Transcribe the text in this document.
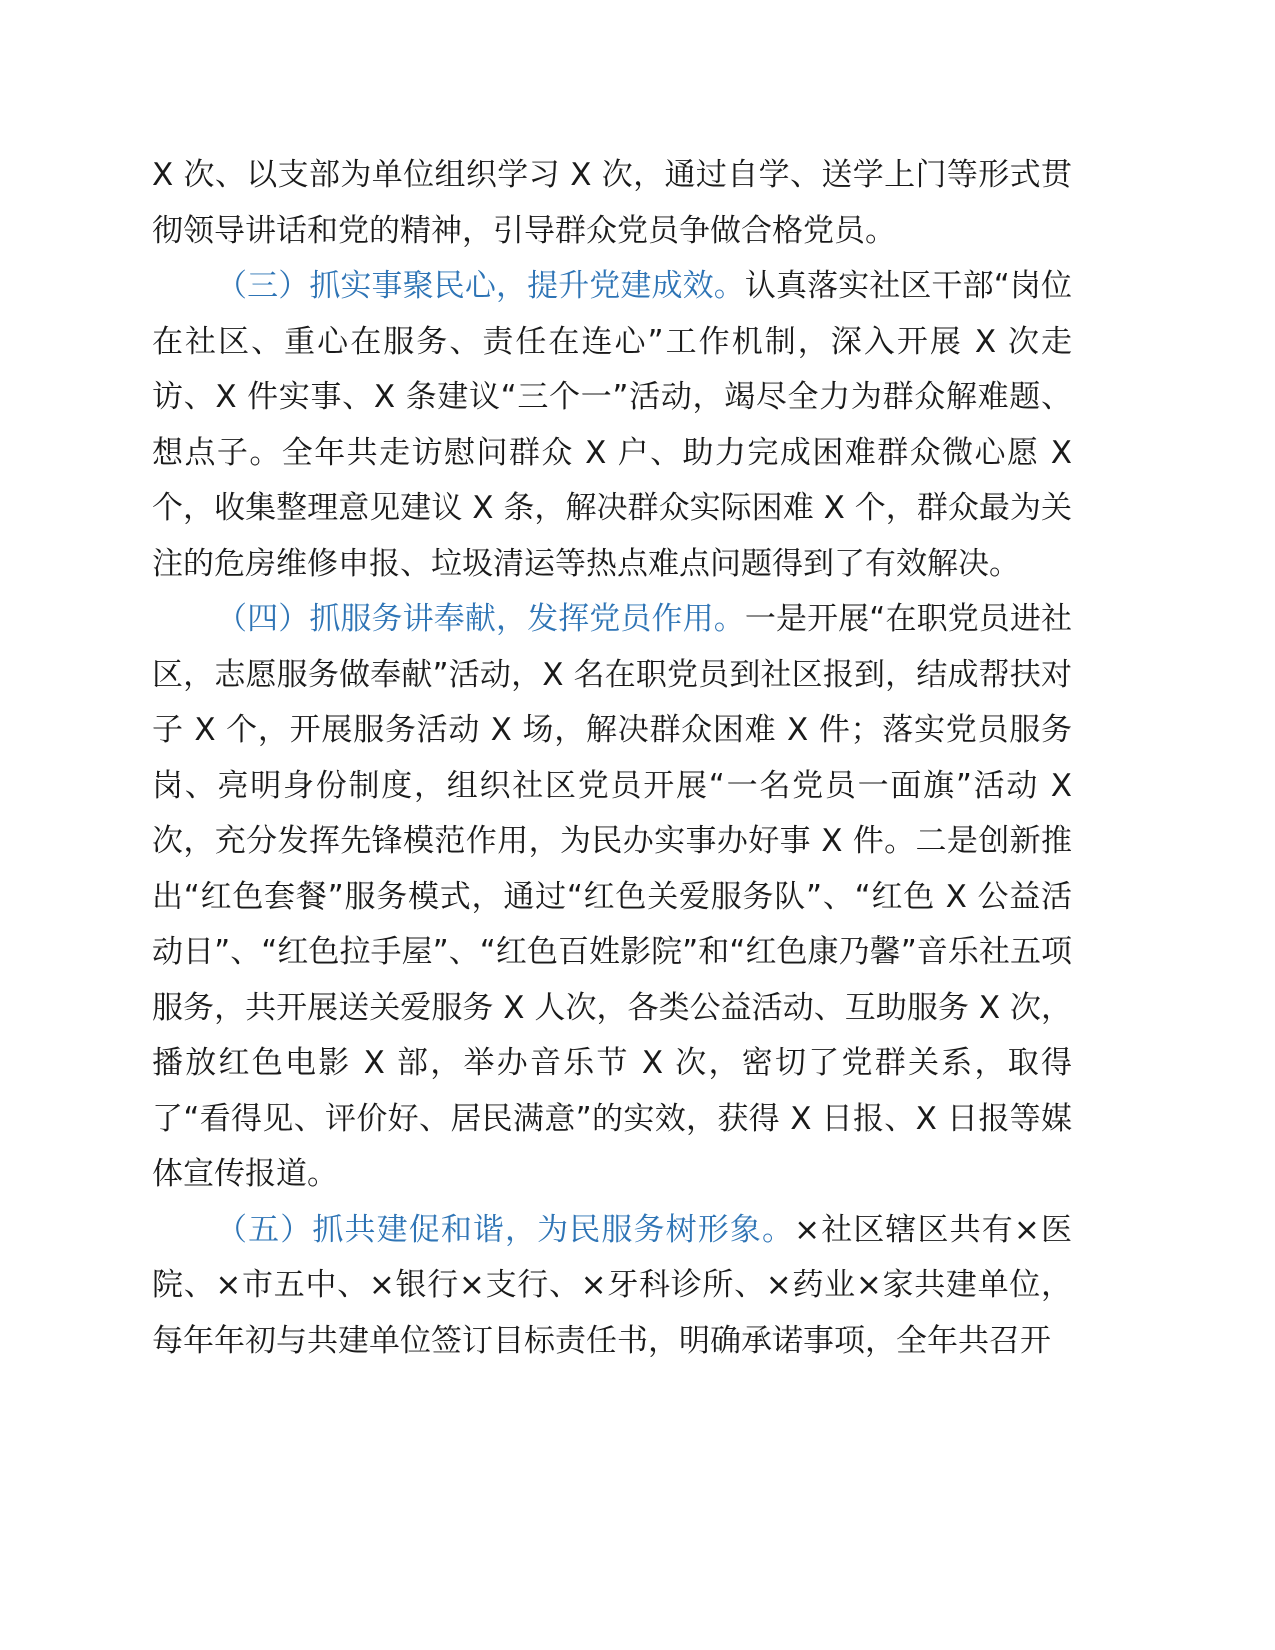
X 次、以支部为单位组织学习 X 次，通过自学、送学上门等形式贯彻领导讲话和党的精神，引导群众党员争做合格党员。

（三）抓实事聚民心，提升党建成效。认真落实社区干部“岗位在社区、重心在服务、责任在连心”工作机制，深入开展 X 次走访、X 件实事、X 条建议“三个一”活动，竭尽全力为群众解难题、想点子。全年共走访慰问群众 X 户、助力完成困难群众微心愿 X 个，收集整理意见建议 X 条，解决群众实际困难 X 个，群众最为关注的危房维修申报、垃圾清运等热点难点问题得到了有效解决。

（四）抓服务讲奉献，发挥党员作用。一是开展“在职党员进社区，志愿服务做奉献”活动，X 名在职党员到社区报到，结成帮扶对子 X 个，开展服务活动 X 场，解决群众困难 X 件；落实党员服务岗、亮明身份制度，组织社区党员开展“一名党员一面旗”活动 X 次，充分发挥先锋模范作用，为民办实事办好事 X 件。二是创新推出“红色套餐”服务模式，通过“红色关爱服务队”、“红色 X 公益活动日”、“红色拉手屋”、“红色百姓影院”和“红色康乃馨”音乐社五项服务，共开展送关爱服务 X 人次，各类公益活动、互助服务 X 次，播放红色电影 X 部，举办音乐节 X 次，密切了党群关系，取得了“看得见、评价好、居民满意”的实效，获得 X 日报、X 日报等媒体宣传报道。

（五）抓共建促和谐，为民服务树形象。×社区辖区共有×医院、×市五中、×银行×支行、×牙科诊所、×药业×家共建单位，每年年初与共建单位签订目标责任书，明确承诺事项，全年共召开
